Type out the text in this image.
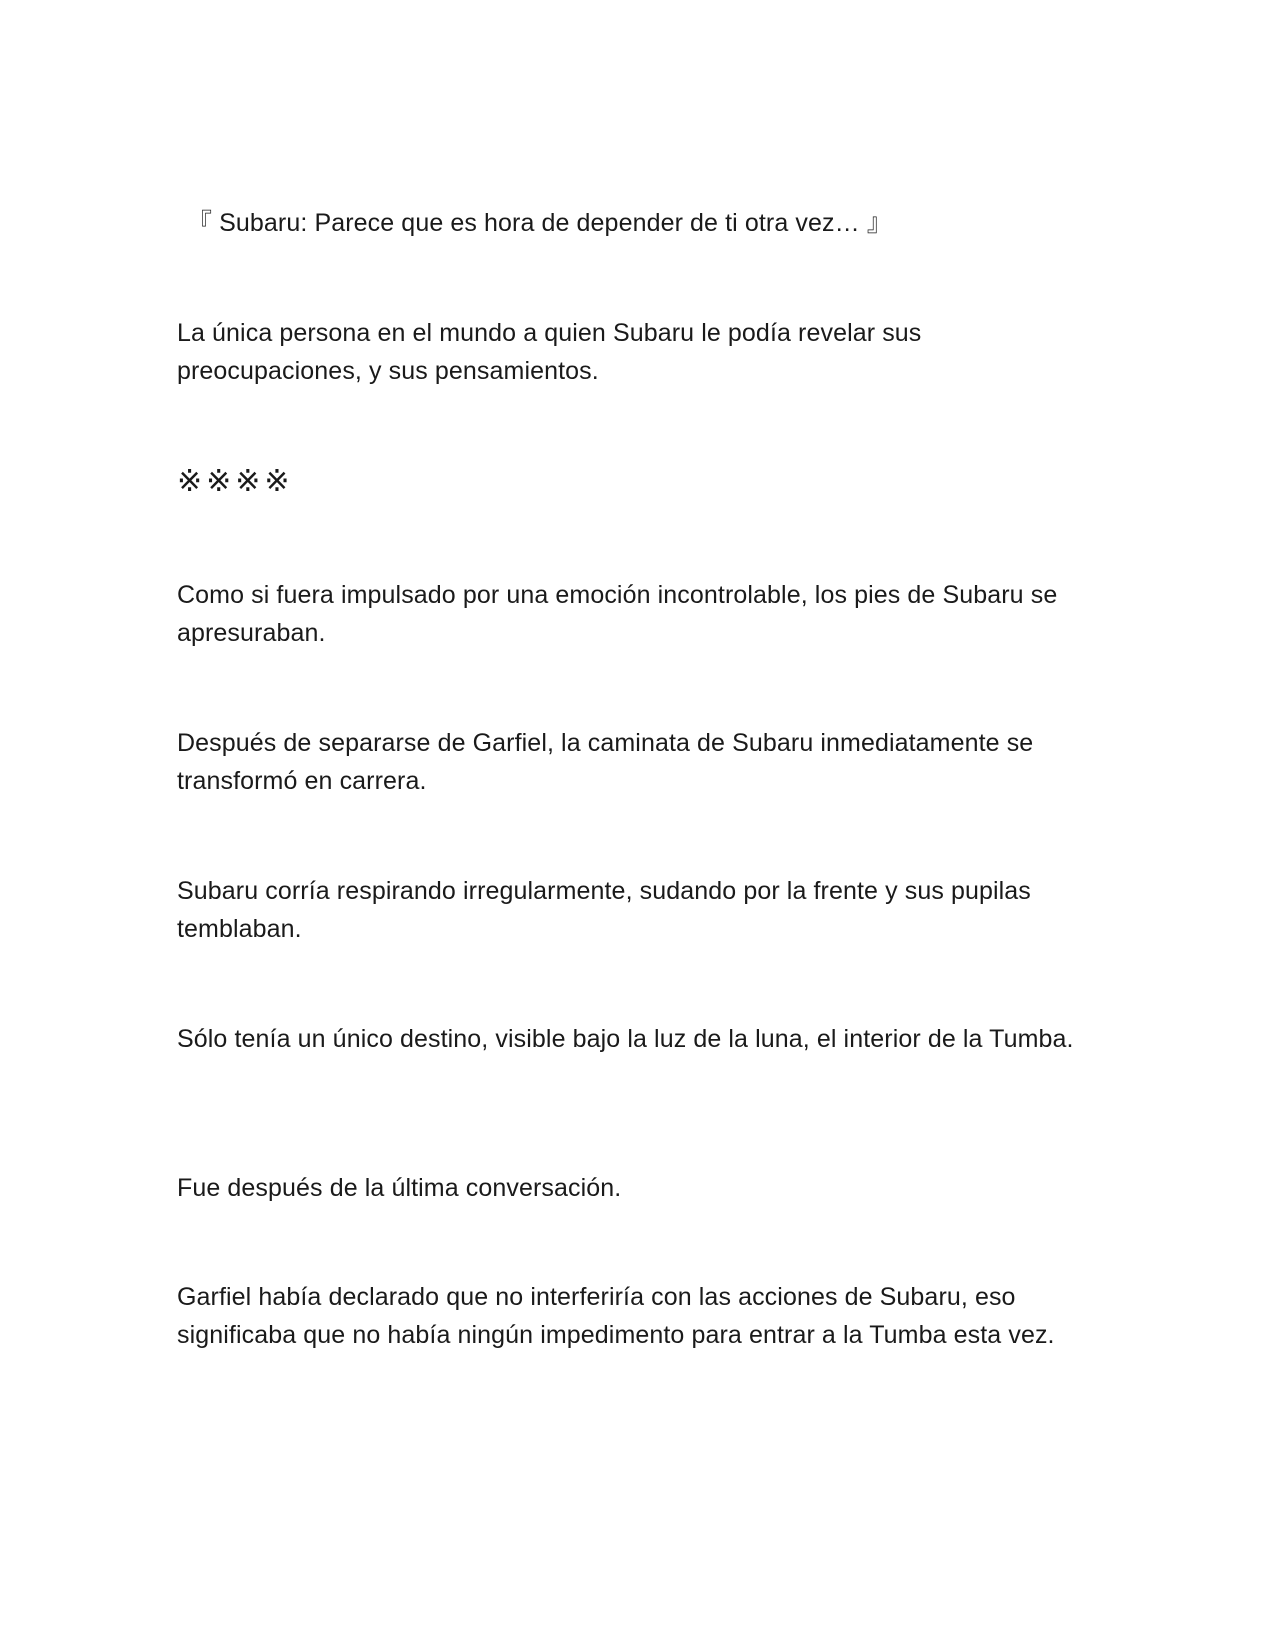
『 Subaru: Parece que es hora de depender de ti otra vez… 』

La única persona en el mundo a quien Subaru le podía revelar sus preocupaciones, y sus pensamientos.

※※※※

Como si fuera impulsado por una emoción incontrolable, los pies de Subaru se apresuraban.

Después de separarse de Garfiel, la caminata de Subaru inmediatamente se transformó en carrera.

Subaru corría respirando irregularmente, sudando por la frente y sus pupilas temblaban.

Sólo tenía un único destino, visible bajo la luz de la luna, el interior de la Tumba.

Fue después de la última conversación.

Garfiel había declarado que no interferiría con las acciones de Subaru, eso significaba que no había ningún impedimento para entrar a la Tumba esta vez.
